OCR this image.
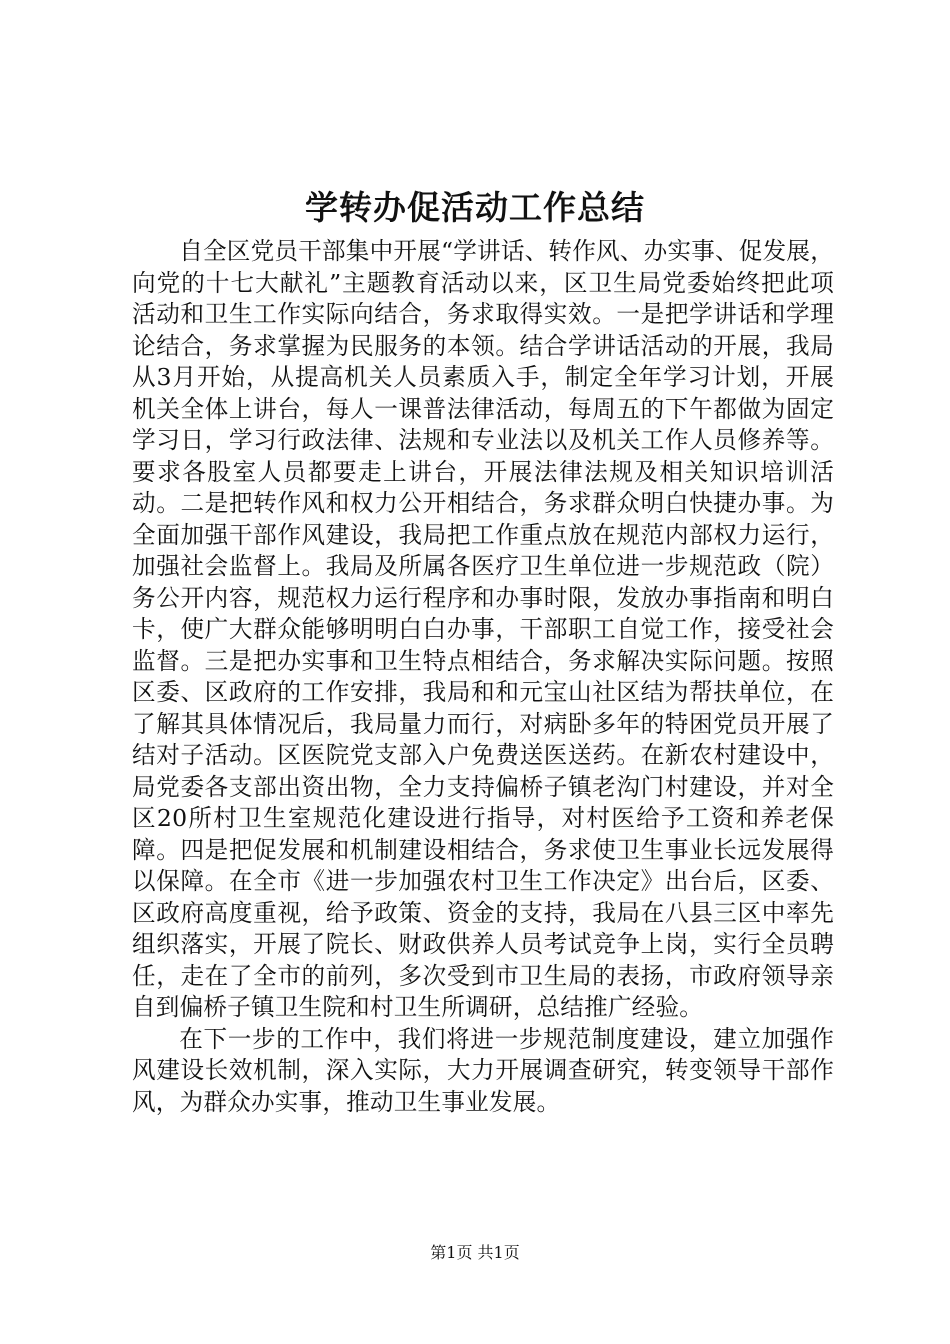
学转办促活动工作总结

自全区党员干部集中开展“学讲话、转作风、办实事、促发展，向党的十七大献礼”主题教育活动以来，区卫生局党委始终把此项活动和卫生工作实际向结合，务求取得实效。一是把学讲话和学理论结合，务求掌握为民服务的本领。结合学讲话活动的开展，我局从3月开始，从提高机关人员素质入手，制定全年学习计划，开展机关全体上讲台，每人一课普法律活动，每周五的下午都做为固定学习日，学习行政法律、法规和专业法以及机关工作人员修养等。要求各股室人员都要走上讲台，开展法律法规及相关知识培训活动。二是把转作风和权力公开相结合，务求群众明白快捷办事。为全面加强干部作风建设，我局把工作重点放在规范内部权力运行，加强社会监督上。我局及所属各医疗卫生单位进一步规范政（院）务公开内容，规范权力运行程序和办事时限，发放办事指南和明白卡，使广大群众能够明明白白办事，干部职工自觉工作，接受社会监督。三是把办实事和卫生特点相结合，务求解决实际问题。按照区委、区政府的工作安排，我局和和元宝山社区结为帮扶单位，在了解其具体情况后，我局量力而行，对病卧多年的特困党员开展了结对子活动。区医院党支部入户免费送医送药。在新农村建设中，局党委各支部出资出物，全力支持偏桥子镇老沟门村建设，并对全区20所村卫生室规范化建设进行指导，对村医给予工资和养老保障。四是把促发展和机制建设相结合，务求使卫生事业长远发展得以保障。在全市《进一步加强农村卫生工作决定》出台后，区委、区政府高度重视，给予政策、资金的支持，我局在八县三区中率先组织落实，开展了院长、财政供养人员考试竞争上岗，实行全员聘任，走在了全市的前列，多次受到市卫生局的表扬，市政府领导亲自到偏桥子镇卫生院和村卫生所调研，总结推广经验。

在下一步的工作中，我们将进一步规范制度建设，建立加强作风建设长效机制，深入实际，大力开展调查研究，转变领导干部作风，为群众办实事，推动卫生事业发展。

第1页 共1页
